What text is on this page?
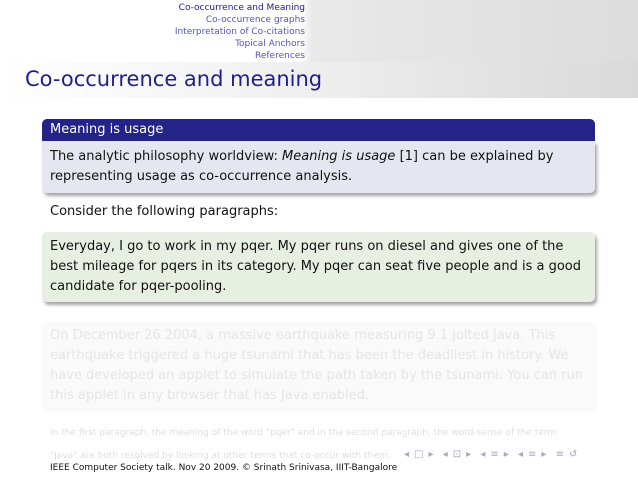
Co-occurrence and Meaning
Co-occurrence graphs
Interpretation of Co-citations
Topical Anchors
References
Co-occurrence and meaning
Meaning is usage
The analytic philosophy worldview: Meaning is usage [1] can be explained by representing usage as co-occurrence analysis.
Consider the following paragraphs:
Everyday, I go to work in my pqer. My pqer runs on diesel and gives one of the best mileage for pqers in its category. My pqer can seat five people and is a good candidate for pqer-pooling.
On December 26 2004, a massive earthquake measuring 9.1 jolted Java. This earthquake triggered a huge tsunami that has been the deadliest in history. We have developed an applet to simulate the path taken by the tsunami. You can run this applet in any browser that has Java enabled.
In the first paragraph, the meaning of the word "pqer" and in the second paragraph, the word-sense of the term
"Java" are both resolved by looking at other terms that co-occur with them.
IEEE Computer Society talk. Nov 20 2009. © Srinath Srinivasa, IIIT-Bangalore
◂ □ ▸ ◂ ⊡ ▸ ◂ ≡ ▸ ◂ ≡ ▸ ≡ ↺
